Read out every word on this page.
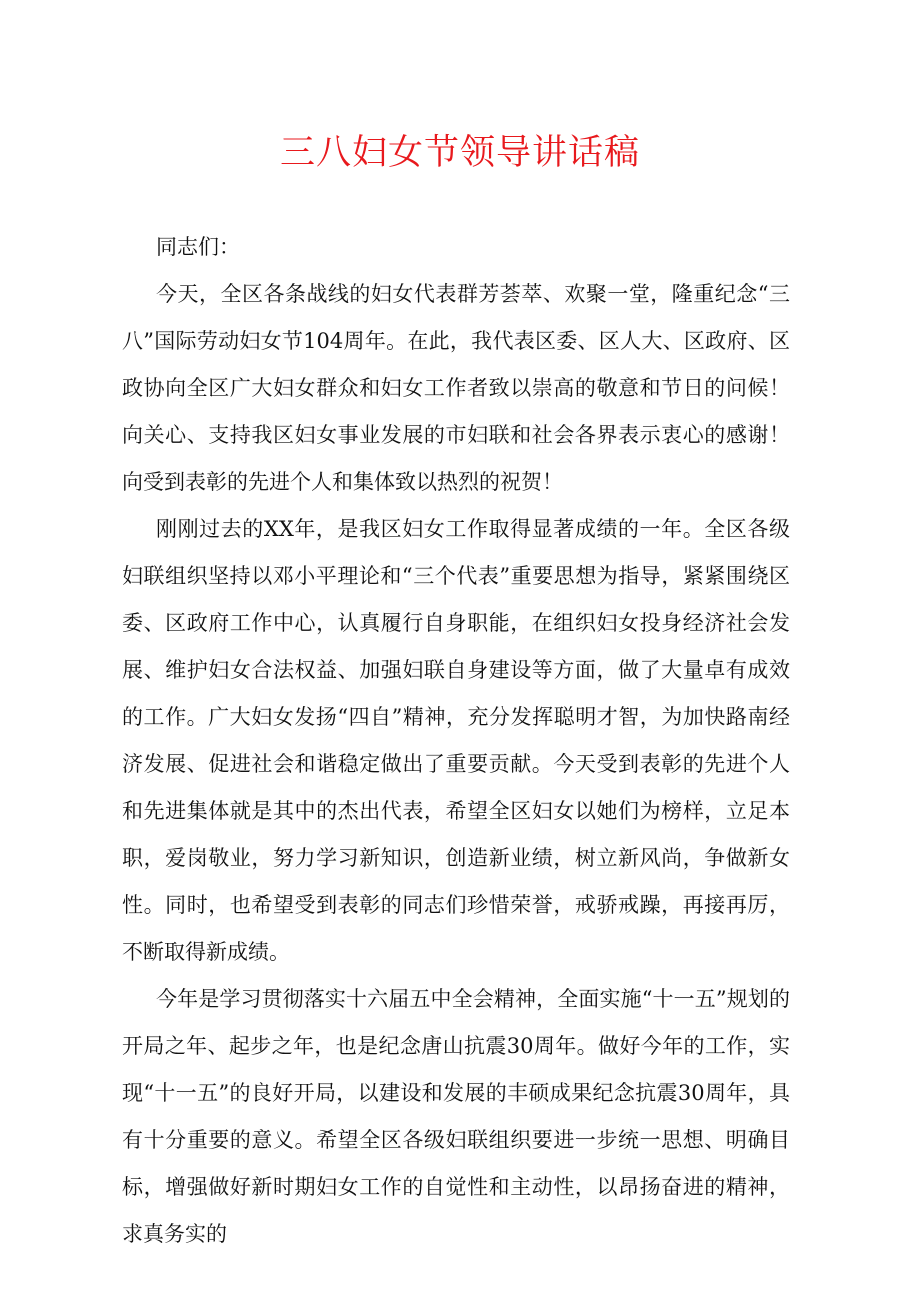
三八妇女节领导讲话稿

同志们：

今天，全区各条战线的妇女代表群芳荟萃、欢聚一堂，隆重纪念“三八”国际劳动妇女节104周年。在此，我代表区委、区人大、区政府、区政协向全区广大妇女群众和妇女工作者致以崇高的敬意和节日的问候！向关心、支持我区妇女事业发展的市妇联和社会各界表示衷心的感谢！向受到表彰的先进个人和集体致以热烈的祝贺！

刚刚过去的XX年，是我区妇女工作取得显著成绩的一年。全区各级妇联组织坚持以邓小平理论和“三个代表”重要思想为指导，紧紧围绕区委、区政府工作中心，认真履行自身职能，在组织妇女投身经济社会发展、维护妇女合法权益、加强妇联自身建设等方面，做了大量卓有成效的工作。广大妇女发扬“四自”精神，充分发挥聪明才智，为加快路南经济发展、促进社会和谐稳定做出了重要贡献。今天受到表彰的先进个人和先进集体就是其中的杰出代表，希望全区妇女以她们为榜样，立足本职，爱岗敬业，努力学习新知识，创造新业绩，树立新风尚，争做新女性。同时，也希望受到表彰的同志们珍惜荣誉，戒骄戒躁，再接再厉，不断取得新成绩。

今年是学习贯彻落实十六届五中全会精神，全面实施“十一五”规划的开局之年、起步之年，也是纪念唐山抗震30周年。做好今年的工作，实现“十一五”的良好开局，以建设和发展的丰硕成果纪念抗震30周年，具有十分重要的意义。希望全区各级妇联组织要进一步统一思想、明确目标，增强做好新时期妇女工作的自觉性和主动性，以昂扬奋进的精神，求真务实的
